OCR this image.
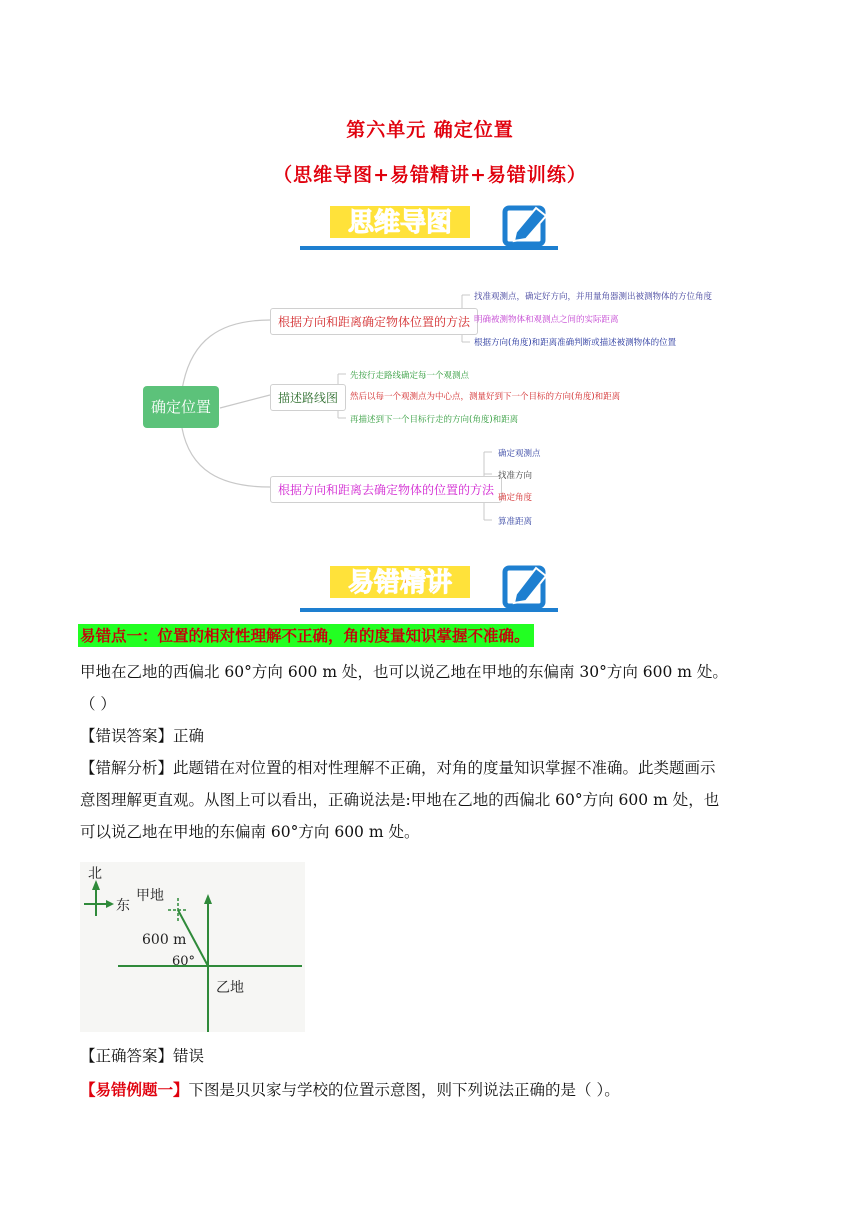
第六单元 确定位置
（思维导图+易错精讲+易错训练）
思维导图
确定位置
根据方向和距离确定物体位置的方法
描述路线图
根据方向和距离去确定物体的位置的方法
找准观测点，确定好方向，并用量角器测出被测物体的方位角度
明确被测物体和观测点之间的实际距离
根据方向(角度)和距离准确判断或描述被测物体的位置
先按行走路线确定每一个观测点
然后以每一个观测点为中心点，测量好到下一个目标的方向(角度)和距离
再描述到下一个目标行走的方向(角度)和距离
确定观测点
找准方向
确定角度
算准距离
易错精讲
易错点一：位置的相对性理解不正确，角的度量知识掌握不准确。
甲地在乙地的西偏北 60°方向 600 m 处，也可以说乙地在甲地的东偏南 30°方向 600 m 处。
（ ）
【错误答案】正确
【错解分析】此题错在对位置的相对性理解不正确，对角的度量知识掌握不准确。此类题画示
意图理解更直观。从图上可以看出，正确说法是:甲地在乙地的西偏北 60°方向 600 m 处，也
可以说乙地在甲地的东偏南 60°方向 600 m 处。
北
东
甲地
600 m
60°
乙地
【正确答案】错误
【易错例题一】下图是贝贝家与学校的位置示意图，则下列说法正确的是（ ）。
